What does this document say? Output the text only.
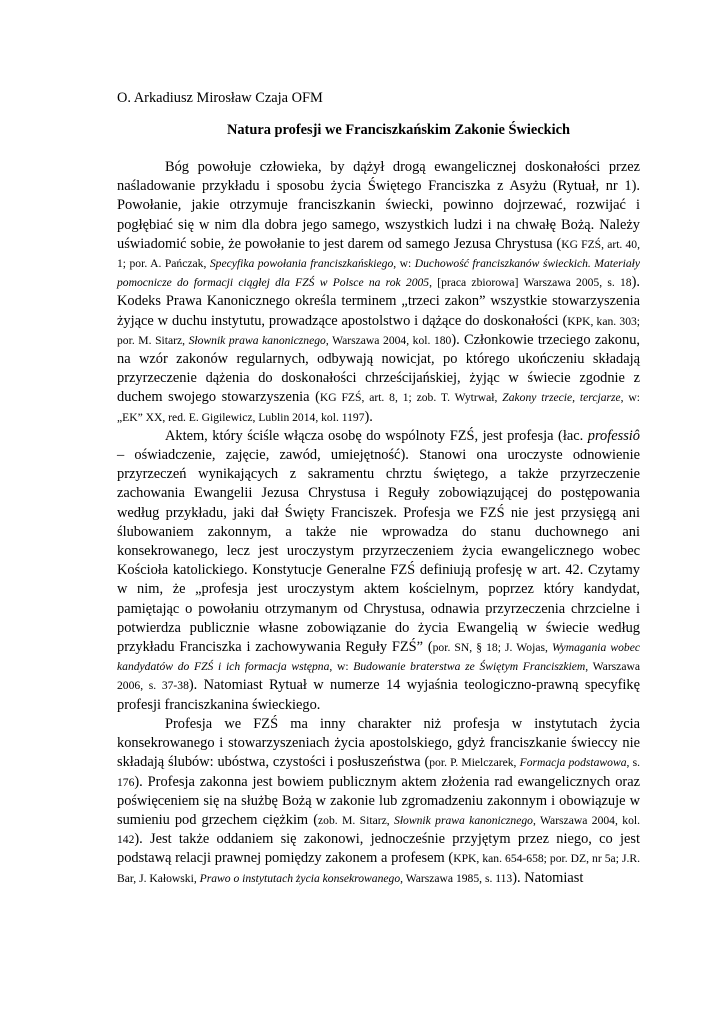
O. Arkadiusz Mirosław Czaja OFM

Natura profesji we Franciszkańskim Zakonie Świeckich

Bóg powołuje człowieka, by dążył drogą ewangelicznej doskonałości przez naśladowanie przykładu i sposobu życia Świętego Franciszka z Asyżu (Rytuał, nr 1). Powołanie, jakie otrzymuje franciszkanin świecki, powinno dojrzewać, rozwijać i pogłębiać się w nim dla dobra jego samego, wszystkich ludzi i na chwałę Bożą. Należy uświadomić sobie, że powołanie to jest darem od samego Jezusa Chrystusa (KG FZŚ, art. 40, 1; por. A. Pańczak, Specyfika powołania franciszkańskiego, w: Duchowość franciszkanów świeckich. Materiały pomocnicze do formacji ciągłej dla FZŚ w Polsce na rok 2005, [praca zbiorowa] Warszawa 2005, s. 18). Kodeks Prawa Kanonicznego określa terminem „trzeci zakon” wszystkie stowarzyszenia żyjące w duchu instytutu, prowadzące apostolstwo i dążące do doskonałości (KPK, kan. 303; por. M. Sitarz, Słownik prawa kanonicznego, Warszawa 2004, kol. 180). Członkowie trzeciego zakonu, na wzór zakonów regularnych, odbywają nowicjat, po którego ukończeniu składają przyrzeczenie dążenia do doskonałości chrześcijańskiej, żyjąc w świecie zgodnie z duchem swojego stowarzyszenia (KG FZŚ, art. 8, 1; zob. T. Wytrwał, Zakony trzecie, tercjarze, w: „EK” XX, red. E. Gigilewicz, Lublin 2014, kol. 1197).

Aktem, który ściśle włącza osobę do wspólnoty FZŚ, jest profesja (łac. professiô – oświadczenie, zajęcie, zawód, umiejętność). Stanowi ona uroczyste odnowienie przyrzeczeń wynikających z sakramentu chrztu świętego, a także przyrzeczenie zachowania Ewangelii Jezusa Chrystusa i Reguły zobowiązującej do postępowania według przykładu, jaki dał Święty Franciszek. Profesja we FZŚ nie jest przysięgą ani ślubowaniem zakonnym, a także nie wprowadza do stanu duchownego ani konsekrowanego, lecz jest uroczystym przyrzeczeniem życia ewangelicznego wobec Kościoła katolickiego. Konstytucje Generalne FZŚ definiują profesję w art. 42. Czytamy w nim, że „profesja jest uroczystym aktem kościelnym, poprzez który kandydat, pamiętając o powołaniu otrzymanym od Chrystusa, odnawia przyrzeczenia chrzcielne i potwierdza publicznie własne zobowiązanie do życia Ewangelią w świecie według przykładu Franciszka i zachowywania Reguły FZŚ” (por. SN, § 18; J. Wojas, Wymagania wobec kandydatów do FZŚ i ich formacja wstępna, w: Budowanie braterstwa ze Świętym Franciszkiem, Warszawa 2006, s. 37-38). Natomiast Rytuał w numerze 14 wyjaśnia teologiczno-prawną specyfikę profesji franciszkanina świeckiego.

Profesja we FZŚ ma inny charakter niż profesja w instytutach życia konsekrowanego i stowarzyszeniach życia apostolskiego, gdyż franciszkanie świeccy nie składają ślubów: ubóstwa, czystości i posłuszeństwa (por. P. Mielczarek, Formacja podstawowa, s. 176). Profesja zakonna jest bowiem publicznym aktem złożenia rad ewangelicznych oraz poświęceniem się na służbę Bożą w zakonie lub zgromadzeniu zakonnym i obowiązuje w sumieniu pod grzechem ciężkim (zob. M. Sitarz, Słownik prawa kanonicznego, Warszawa 2004, kol. 142). Jest także oddaniem się zakonowi, jednocześnie przyjętym przez niego, co jest podstawą relacji prawnej pomiędzy zakonem a profesem (KPK, kan. 654-658; por. DZ, nr 5a; J.R. Bar, J. Kałowski, Prawo o instytutach życia konsekrowanego, Warszawa 1985, s. 113). Natomiast
